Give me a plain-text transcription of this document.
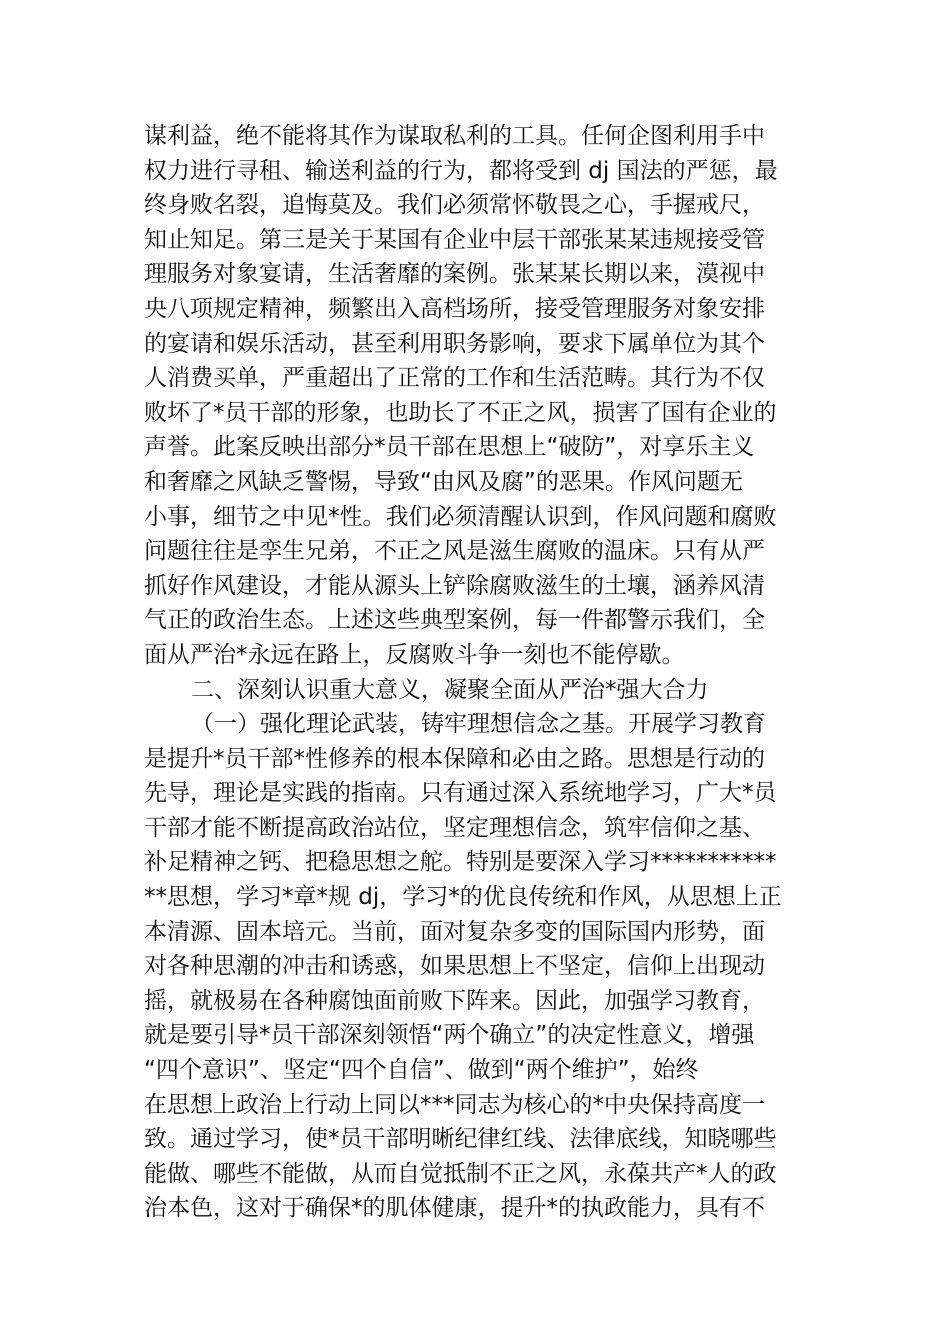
谋利益，绝不能将其作为谋取私利的工具。任何企图利用手中
权力进行寻租、输送利益的行为，都将受到 dj 国法的严惩，最
终身败名裂，追悔莫及。我们必须常怀敬畏之心，手握戒尺，
知止知足。第三是关于某国有企业中层干部张某某违规接受管
理服务对象宴请，生活奢靡的案例。张某某长期以来，漠视中
央八项规定精神，频繁出入高档场所，接受管理服务对象安排
的宴请和娱乐活动，甚至利用职务影响，要求下属单位为其个
人消费买单，严重超出了正常的工作和生活范畴。其行为不仅
败坏了*员干部的形象，也助长了不正之风，损害了国有企业的
声誉。此案反映出部分*员干部在思想上“破防”，对享乐主义
和奢靡之风缺乏警惕，导致“由风及腐”的恶果。作风问题无
小事，细节之中见*性。我们必须清醒认识到，作风问题和腐败
问题往往是孪生兄弟，不正之风是滋生腐败的温床。只有从严
抓好作风建设，才能从源头上铲除腐败滋生的土壤，涵养风清
气正的政治生态。上述这些典型案例，每一件都警示我们，全
面从严治*永远在路上，反腐败斗争一刻也不能停歇。
二、深刻认识重大意义，凝聚全面从严治*强大合力
（一）强化理论武装，铸牢理想信念之基。开展学习教育
是提升*员干部*性修养的根本保障和必由之路。思想是行动的
先导，理论是实践的指南。只有通过深入系统地学习，广大*员
干部才能不断提高政治站位，坚定理想信念，筑牢信仰之基、
补足精神之钙、把稳思想之舵。特别是要深入学习***********
**思想，学习*章*规 dj，学习*的优良传统和作风，从思想上正
本清源、固本培元。当前，面对复杂多变的国际国内形势，面
对各种思潮的冲击和诱惑，如果思想上不坚定，信仰上出现动
摇，就极易在各种腐蚀面前败下阵来。因此，加强学习教育，
就是要引导*员干部深刻领悟“两个确立”的决定性意义，增强
“四个意识”、坚定“四个自信”、做到“两个维护”，始终
在思想上政治上行动上同以***同志为核心的*中央保持高度一
致。通过学习，使*员干部明晰纪律红线、法律底线，知晓哪些
能做、哪些不能做，从而自觉抵制不正之风，永葆共产*人的政
治本色，这对于确保*的肌体健康，提升*的执政能力，具有不
